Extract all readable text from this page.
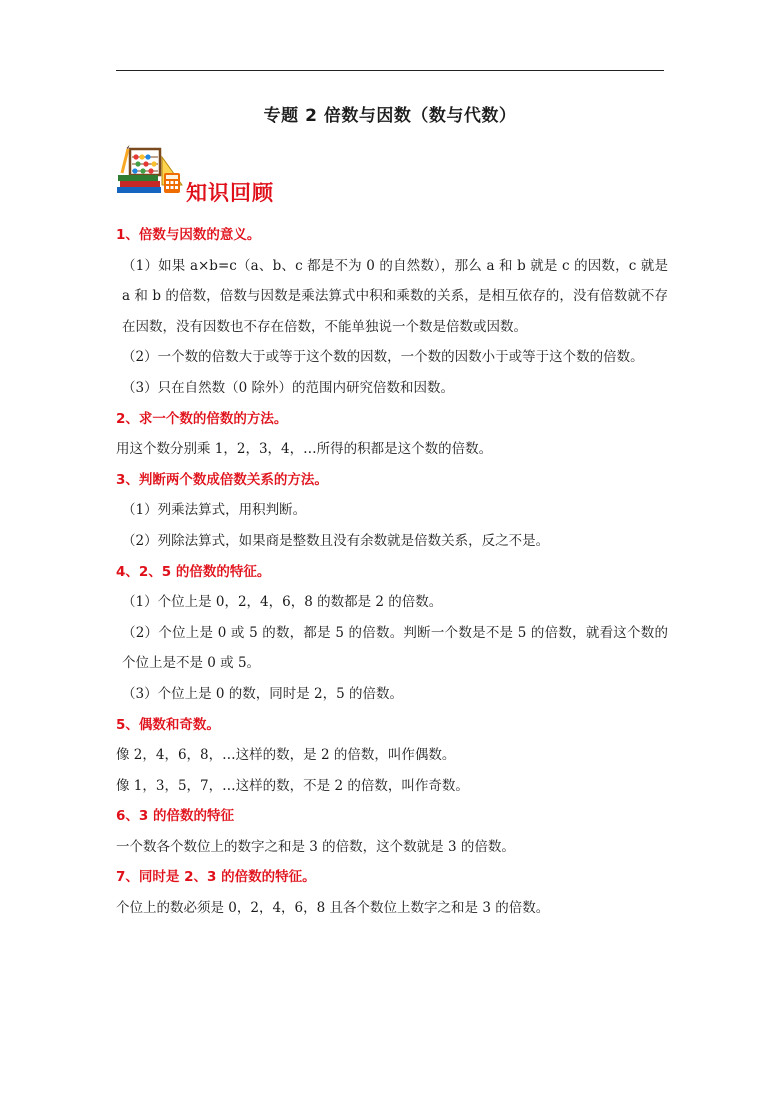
专题 2 倍数与因数（数与代数）
知识回顾

1、倍数与因数的意义。

（1）如果 a×b=c（a、b、c 都是不为 0 的自然数），那么 a 和 b 就是 c 的因数，c 就是 a 和 b 的倍数，倍数与因数是乘法算式中积和乘数的关系，是相互依存的，没有倍数就不存在因数，没有因数也不存在倍数，不能单独说一个数是倍数或因数。

（2）一个数的倍数大于或等于这个数的因数，一个数的因数小于或等于这个数的倍数。

（3）只在自然数（0 除外）的范围内研究倍数和因数。

2、求一个数的倍数的方法。

用这个数分别乘 1，2，3，4，…所得的积都是这个数的倍数。

3、判断两个数成倍数关系的方法。

（1）列乘法算式，用积判断。

（2）列除法算式，如果商是整数且没有余数就是倍数关系，反之不是。

4、2、5 的倍数的特征。

（1）个位上是 0，2，4，6，8 的数都是 2 的倍数。

（2）个位上是 0 或 5 的数，都是 5 的倍数。判断一个数是不是 5 的倍数，就看这个数的个位上是不是 0 或 5。

（3）个位上是 0 的数，同时是 2，5 的倍数。

5、偶数和奇数。

像 2，4，6，8，…这样的数，是 2 的倍数，叫作偶数。

像 1，3，5，7，…这样的数，不是 2 的倍数，叫作奇数。

6、3 的倍数的特征

一个数各个数位上的数字之和是 3 的倍数，这个数就是 3 的倍数。

7、同时是 2、3 的倍数的特征。

个位上的数必须是 0，2，4，6，8 且各个数位上数字之和是 3 的倍数。
